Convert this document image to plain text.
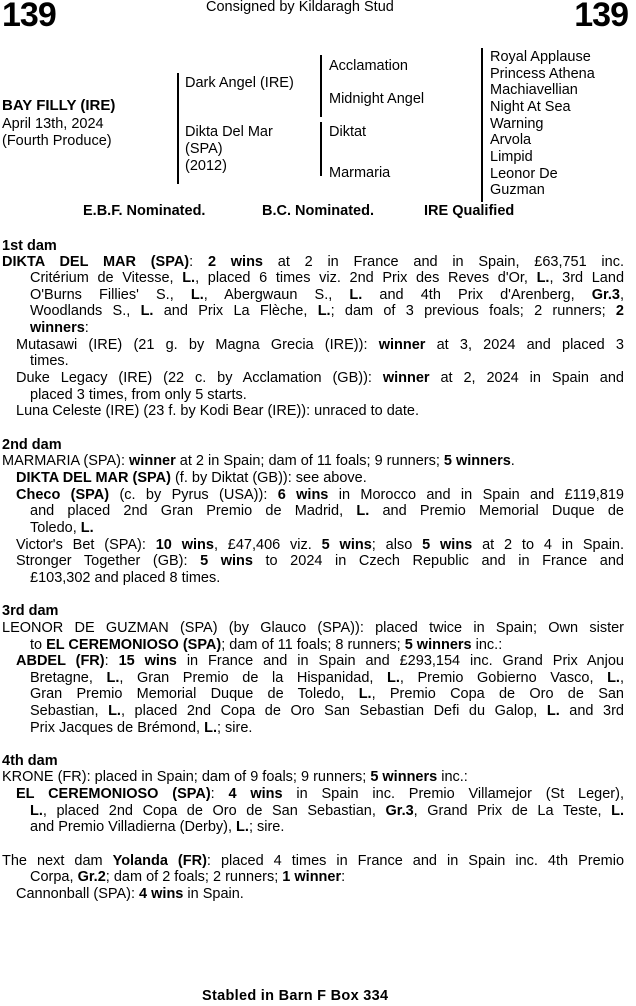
139	139
Consigned by Kildaragh Stud
BAY FILLY (IRE)
April 13th, 2024
(Fourth Produce)
Dark Angel (IRE)
Dikta Del Mar
(SPA)
(2012)
Acclamation
Midnight Angel
Diktat
Marmaria
Royal Applause
Princess Athena
Machiavellian
Night At Sea
Warning
Arvola
Limpid
Leonor De
Guzman
E.B.F. Nominated.	B.C. Nominated.	IRE Qualified
1st dam
DIKTA DEL MAR (SPA): 2 wins at 2 in France and in Spain, £63,751 inc.
Critérium de Vitesse, L., placed 6 times viz. 2nd Prix des Reves d'Or, L., 3rd Land
O'Burns Fillies' S., L., Abergwaun S., L. and 4th Prix d'Arenberg, Gr.3,
Woodlands S., L. and Prix La Flèche, L.; dam of 3 previous foals; 2 runners; 2
winners:
Mutasawi (IRE) (21 g. by Magna Grecia (IRE)): winner at 3, 2024 and placed 3
times.
Duke Legacy (IRE) (22 c. by Acclamation (GB)): winner at 2, 2024 in Spain and
placed 3 times, from only 5 starts.
Luna Celeste (IRE) (23 f. by Kodi Bear (IRE)): unraced to date.
2nd dam
MARMARIA (SPA): winner at 2 in Spain; dam of 11 foals; 9 runners; 5 winners.
DIKTA DEL MAR (SPA) (f. by Diktat (GB)): see above.
Checo (SPA) (c. by Pyrus (USA)): 6 wins in Morocco and in Spain and £119,819
and placed 2nd Gran Premio de Madrid, L. and Premio Memorial Duque de
Toledo, L.
Victor's Bet (SPA): 10 wins, £47,406 viz. 5 wins; also 5 wins at 2 to 4 in Spain.
Stronger Together (GB): 5 wins to 2024 in Czech Republic and in France and
£103,302 and placed 8 times.
3rd dam
LEONOR DE GUZMAN (SPA) (by Glauco (SPA)): placed twice in Spain; Own sister
to EL CEREMONIOSO (SPA); dam of 11 foals; 8 runners; 5 winners inc.:
ABDEL (FR): 15 wins in France and in Spain and £293,154 inc. Grand Prix Anjou
Bretagne, L., Gran Premio de la Hispanidad, L., Premio Gobierno Vasco, L.,
Gran Premio Memorial Duque de Toledo, L., Premio Copa de Oro de San
Sebastian, L., placed 2nd Copa de Oro San Sebastian Defi du Galop, L. and 3rd
Prix Jacques de Brémond, L.; sire.
4th dam
KRONE (FR): placed in Spain; dam of 9 foals; 9 runners; 5 winners inc.:
EL CEREMONIOSO (SPA): 4 wins in Spain inc. Premio Villamejor (St Leger),
L., placed 2nd Copa de Oro de San Sebastian, Gr.3, Grand Prix de La Teste, L.
and Premio Villadierna (Derby), L.; sire.
The next dam Yolanda (FR): placed 4 times in France and in Spain inc. 4th Premio
Corpa, Gr.2; dam of 2 foals; 2 runners; 1 winner:
Cannonball (SPA): 4 wins in Spain.
Stabled in Barn F Box 334
